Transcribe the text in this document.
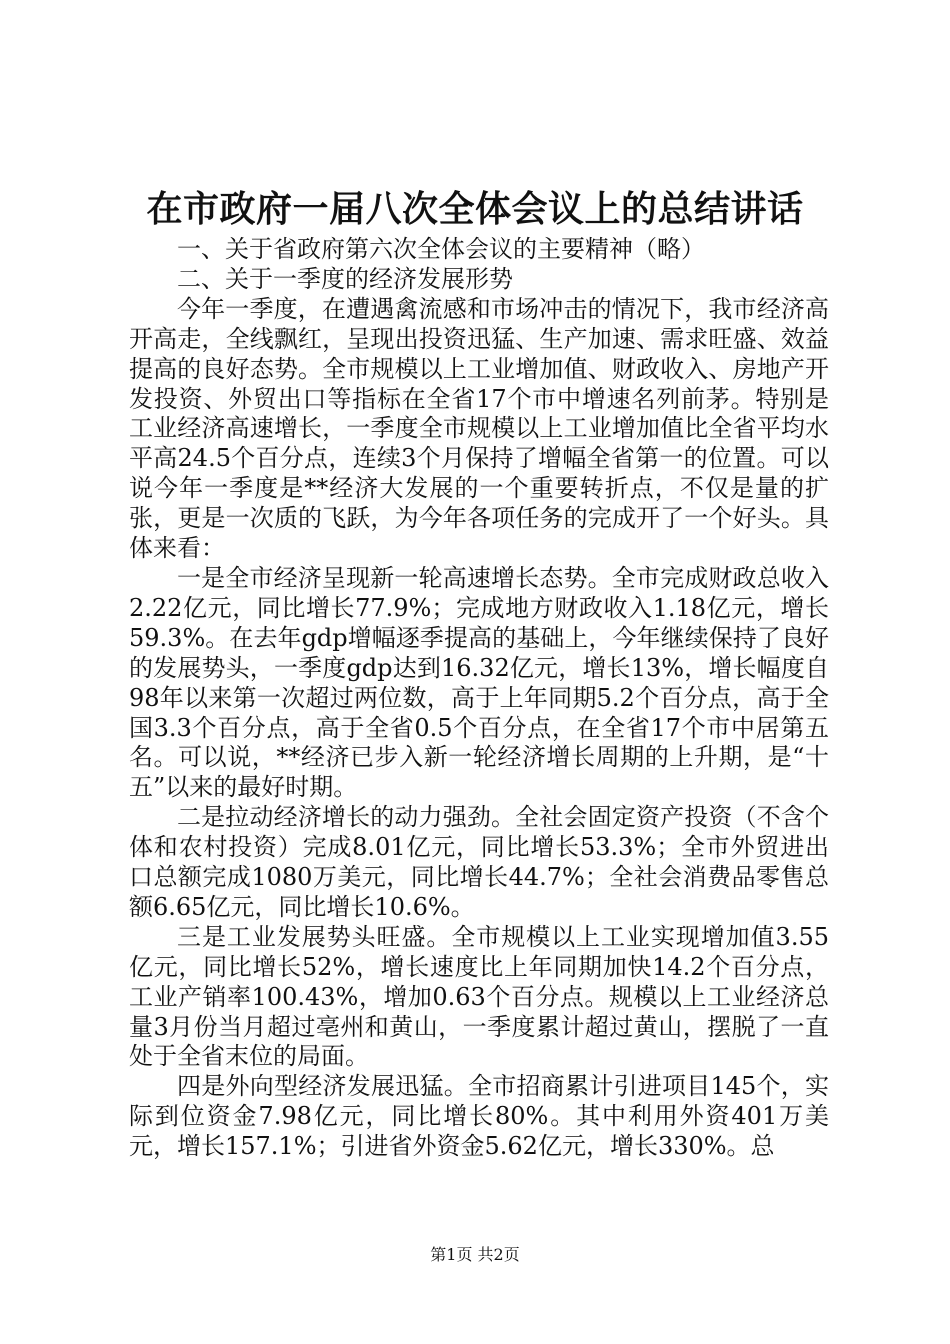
在市政府一届八次全体会议上的总结讲话

一、关于省政府第六次全体会议的主要精神（略）

二、关于一季度的经济发展形势

今年一季度，在遭遇禽流感和市场冲击的情况下，我市经济高开高走，全线飘红，呈现出投资迅猛、生产加速、需求旺盛、效益提高的良好态势。全市规模以上工业增加值、财政收入、房地产开发投资、外贸出口等指标在全省17个市中增速名列前茅。特别是工业经济高速增长，一季度全市规模以上工业增加值比全省平均水平高24.5个百分点，连续3个月保持了增幅全省第一的位置。可以说今年一季度是**经济大发展的一个重要转折点，不仅是量的扩张，更是一次质的飞跃，为今年各项任务的完成开了一个好头。具体来看：

一是全市经济呈现新一轮高速增长态势。全市完成财政总收入2.22亿元，同比增长77.9%；完成地方财政收入1.18亿元，增长59.3%。在去年gdp增幅逐季提高的基础上，今年继续保持了良好的发展势头，一季度gdp达到16.32亿元，增长13%，增长幅度自98年以来第一次超过两位数，高于上年同期5.2个百分点，高于全国3.3个百分点，高于全省0.5个百分点，在全省17个市中居第五名。可以说，**经济已步入新一轮经济增长周期的上升期，是“十五”以来的最好时期。

二是拉动经济增长的动力强劲。全社会固定资产投资（不含个体和农村投资）完成8.01亿元，同比增长53.3%；全市外贸进出口总额完成1080万美元，同比增长44.7%；全社会消费品零售总额6.65亿元，同比增长10.6%。

三是工业发展势头旺盛。全市规模以上工业实现增加值3.55亿元，同比增长52%，增长速度比上年同期加快14.2个百分点，工业产销率100.43%，增加0.63个百分点。规模以上工业经济总量3月份当月超过亳州和黄山，一季度累计超过黄山，摆脱了一直处于全省末位的局面。

四是外向型经济发展迅猛。全市招商累计引进项目145个，实际到位资金7.98亿元，同比增长80%。其中利用外资401万美元，增长157.1%；引进省外资金5.62亿元，增长330%。总

第1页 共2页
